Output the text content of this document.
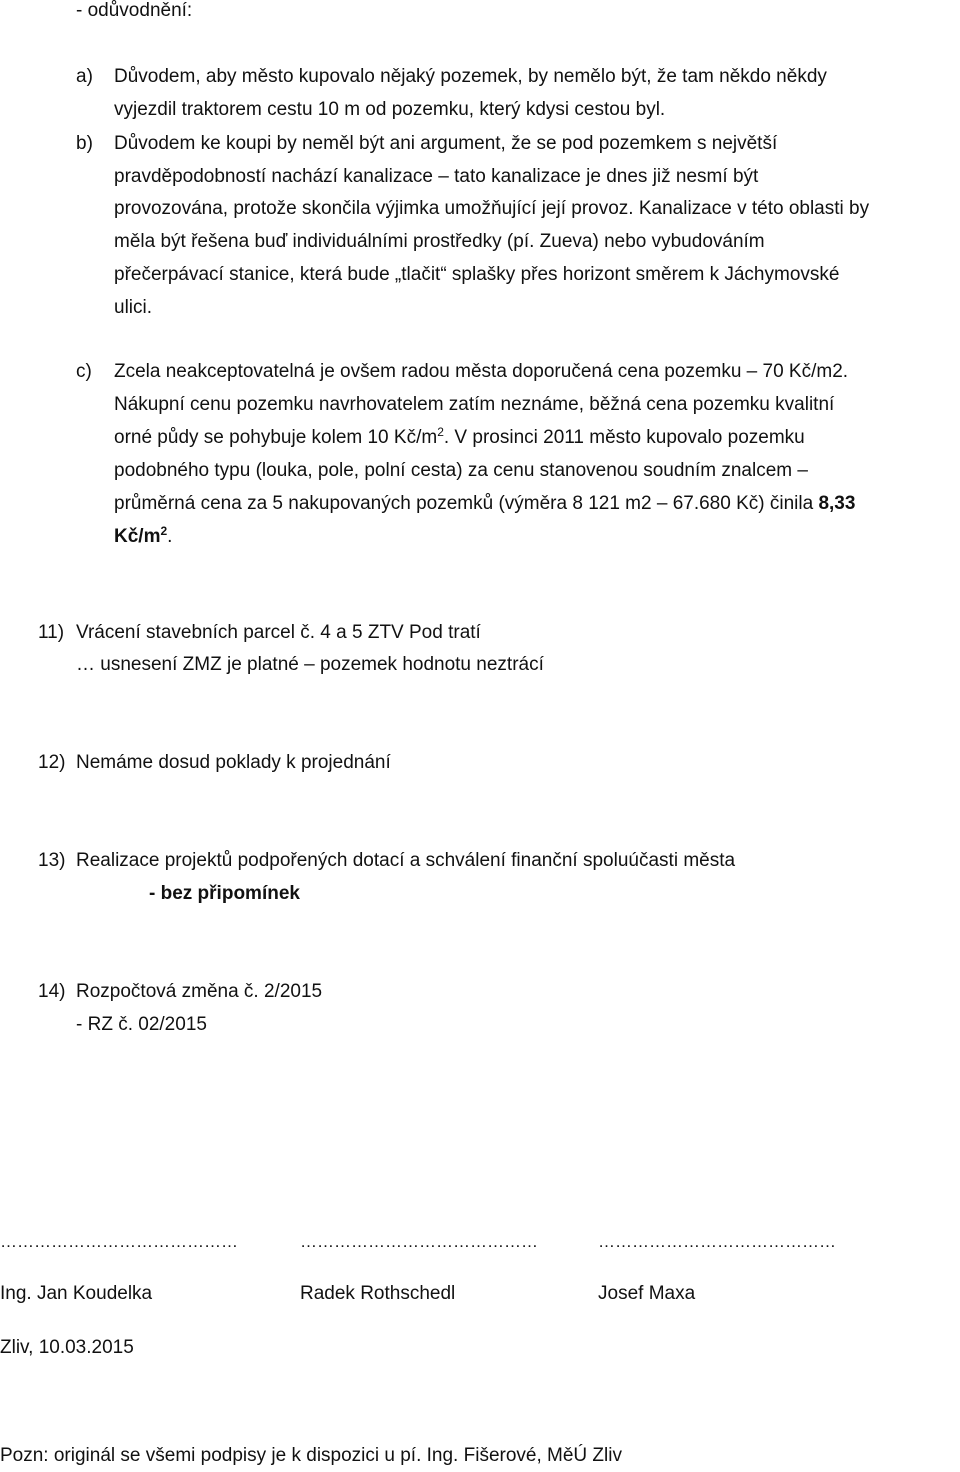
- odůvodnění:
a) Důvodem, aby město kupovalo nějaký pozemek, by nemělo být, že tam někdo někdy
vyjezdil traktorem cestu 10 m od pozemku, který kdysi cestou byl.
b) Důvodem ke koupi by neměl být ani argument, že se pod pozemkem s největší
pravděpodobností nachází kanalizace – tato kanalizace je dnes již nesmí být
provozována, protože skončila výjimka umožňující její provoz. Kanalizace v této oblasti by
měla být řešena buď individuálními prostředky (pí. Zueva) nebo vybudováním
přečerpávací stanice, která bude „tlačit“ splašky přes horizont směrem k Jáchymovské
ulici.
c) Zcela neakceptovatelná je ovšem radou města doporučená cena pozemku – 70 Kč/m2.
Nákupní cenu pozemku navrhovatelem zatím neznáme, běžná cena pozemku kvalitní
orné půdy se pohybuje kolem 10 $Kč/m^2$. V prosinci 2011 město kupovalo pozemku
podobného typu (louka, pole, polní cesta) za cenu stanovenou soudním znalcem –
průměrná cena za 5 nakupovaných pozemků (výměra 8 121 m2 – 67.680 Kč) činila 8,33
$Kč/m^2$.
11) Vrácení stavebních parcel č. 4 a 5 ZTV Pod tratí
… usnesení ZMZ je platné – pozemek hodnotu neztrácí
12) Nemáme dosud poklady k projednání
13) Realizace projektů podpořených dotací a schválení finanční spoluúčasti města
- bez připomínek
14) Rozpočtová změna č. 2/2015
- RZ č. 02/2015
……………………………………	……………………………………	……………………………………
Ing. Jan Koudelka	Radek Rothschedl	Josef Maxa
Zliv, 10.03.2015
Pozn: originál se všemi podpisy je k dispozici u pí. Ing. Fišerové, MěÚ Zliv
